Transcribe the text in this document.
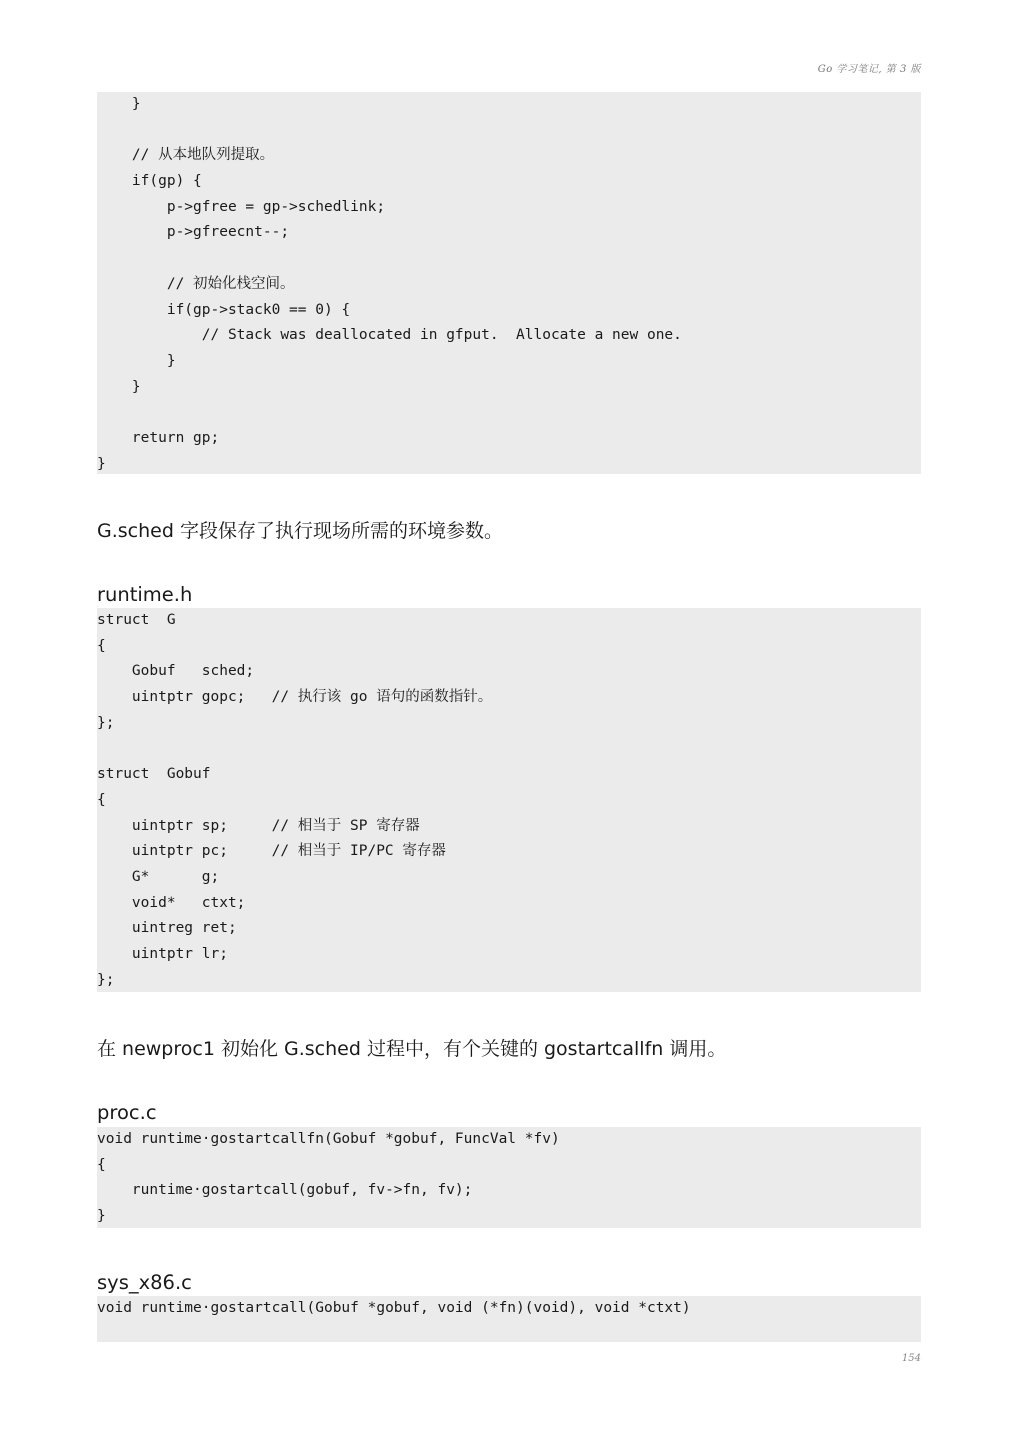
Go 学习笔记, 第 3 版
}

// 从本地队列提取。
if(gp) {
p->gfree = gp->schedlink;
p->gfreecnt--;

// 初始化栈空间。
if(gp->stack0 == 0) {
// Stack was deallocated in gfput.  Allocate a new one.
}
}

return gp;
}

G.sched 字段保存了执行现场所需的环境参数。

runtime.h

struct  G
{
Gobuf   sched;
uintptr gopc;   // 执行该 go 语句的函数指针。
};

struct  Gobuf
{
uintptr sp;     // 相当于 SP 寄存器
uintptr pc;     // 相当于 IP/PC 寄存器
G*      g;
void*   ctxt;
uintreg ret;
uintptr lr;
};

在 newproc1 初始化 G.sched 过程中，有个关键的 gostartcallfn 调用。

proc.c

void runtime·gostartcallfn(Gobuf *gobuf, FuncVal *fv)
{
runtime·gostartcall(gobuf, fv->fn, fv);
}

sys_x86.c

void runtime·gostartcall(Gobuf *gobuf, void (*fn)(void), void *ctxt)
154
